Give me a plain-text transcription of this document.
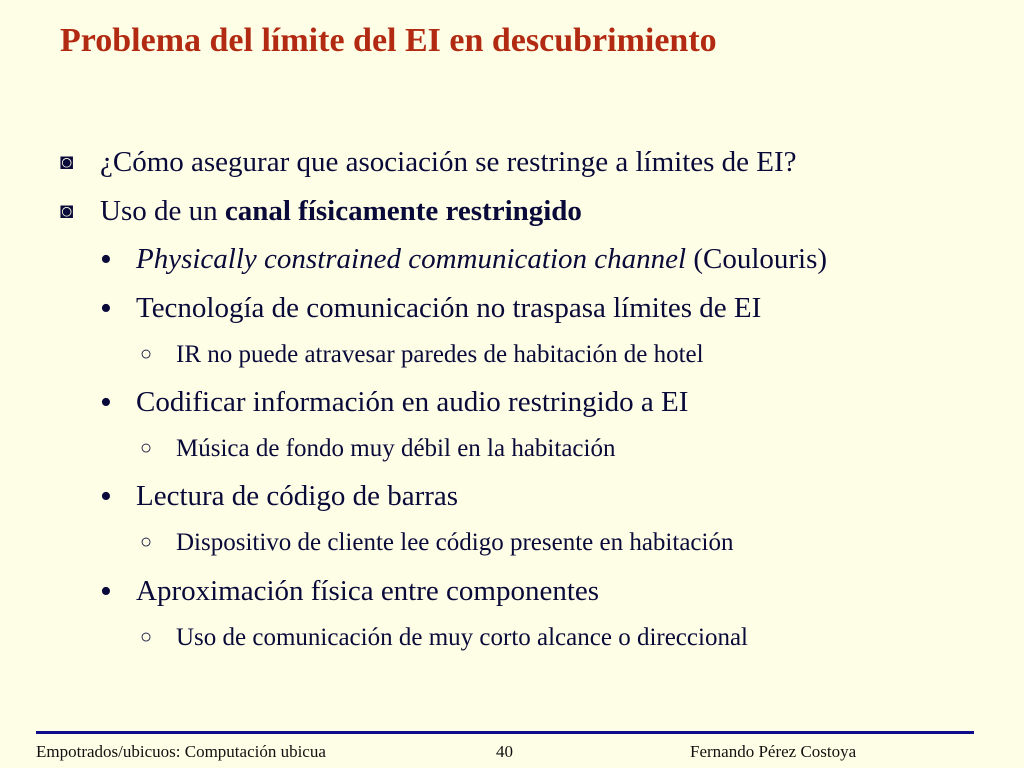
Problema del límite del EI en descubrimiento
◙ ¿Cómo asegurar que asociación se restringe a límites de EI?
◙ Uso de un canal físicamente restringido
• Physically constrained communication channel (Coulouris)
• Tecnología de comunicación no traspasa límites de EI
○ IR no puede atravesar paredes de habitación de hotel
• Codificar información en audio restringido a EI
○ Música de fondo muy débil en la habitación
• Lectura de código de barras
○ Dispositivo de cliente lee código presente en habitación
• Aproximación física entre componentes
○ Uso de comunicación de muy corto alcance o direccional
Empotrados/ubicuos: Computación ubicua	40	Fernando Pérez Costoya
